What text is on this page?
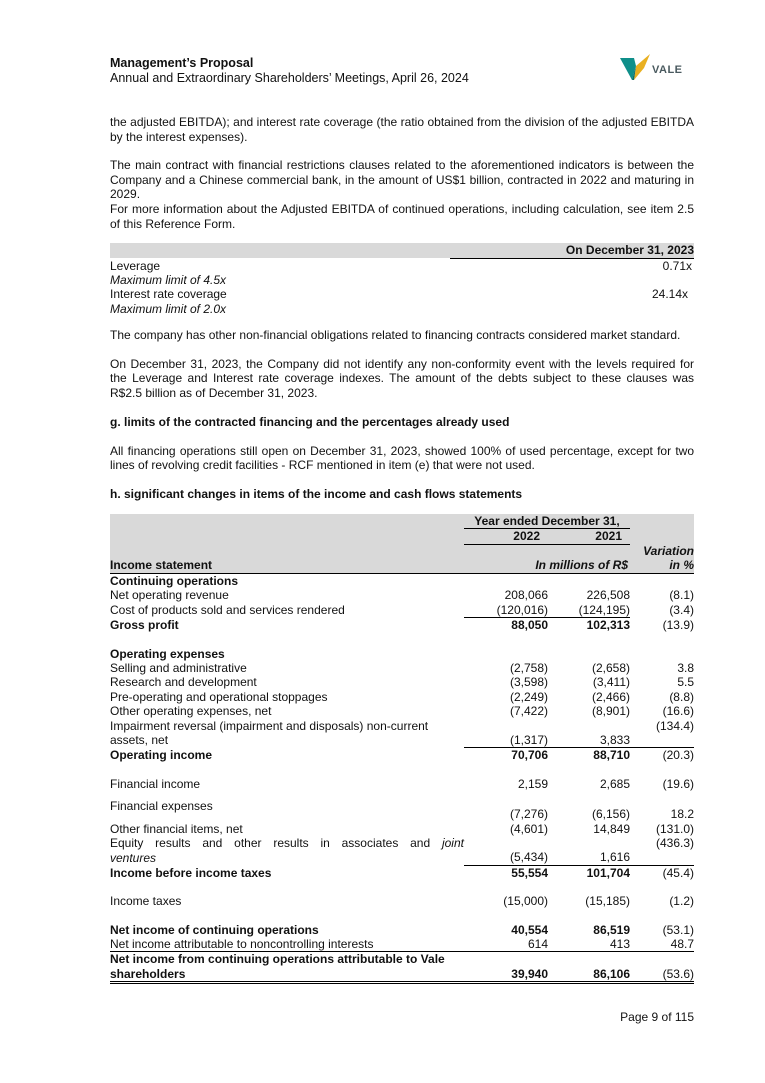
VALE
Management’s Proposal
Annual and Extraordinary Shareholders’ Meetings, April 26, 2024

the adjusted EBITDA); and interest rate coverage (the ratio obtained from the division of the adjusted EBITDA by the interest expenses).

The main contract with financial restrictions clauses related to the aforementioned indicators is between the Company and a Chinese commercial bank, in the amount of US$1 billion, contracted in 2022 and maturing in 2029.

For more information about the Adjusted EBITDA of continued operations, including calculation, see item 2.5 of this Reference Form.

	On December 31, 2023
Leverage	0.71x
Maximum limit of 4.5x	
Interest rate coverage	24.14x
Maximum limit of 2.0x	

The company has other non-financial obligations related to financing contracts considered market standard.

On December 31, 2023, the Company did not identify any non-conformity event with the levels required for the Leverage and Interest rate coverage indexes. The amount of the debts subject to these clauses was R$2.5 billion as of December 31, 2023.

g. limits of the contracted financing and the percentages already used

All financing operations still open on December 31, 2023, showed 100% of used percentage, except for two lines of revolving credit facilities - RCF mentioned in item (e) that were not used.

h. significant changes in items of the income and cash flows statements
	Year ended December 31,		
	2022	2021	
			Variation
Income statement	In millions of R$		in %
Continuing operations			
Net operating revenue	208,066	226,508	(8.1)
Cost of products sold and services rendered	(120,016)	(124,195)	(3.4)
Gross profit	88,050	102,313	(13.9)

Operating expenses			
Selling and administrative	(2,758)	(2,658)	3.8
Research and development	(3,598)	(3,411)	5.5
Pre-operating and operational stoppages	(2,249)	(2,466)	(8.8)
Other operating expenses, net	(7,422)	(8,901)	(16.6)
Impairment reversal (impairment and disposals) non-current			(134.4)
assets, net	(1,317)	3,833	
Operating income	70,706	88,710	(20.3)

Financial income	2,159	2,685	(19.6)

Financial expenses	(7,276)	(6,156)	18.2
Other financial items, net	(4,601)	14,849	(131.0)
Equity results and other results in associates and joint			(436.3)
ventures	(5,434)	1,616	
Income before income taxes	55,554	101,704	(45.4)

Income taxes	(15,000)	(15,185)	(1.2)

Net income of continuing operations	40,554	86,519	(53.1)
Net income attributable to noncontrolling interests	614	413	48.7
Net income from continuing operations attributable to Vale			
shareholders	39,940	86,106	(53.6)
Page 9 of 115
